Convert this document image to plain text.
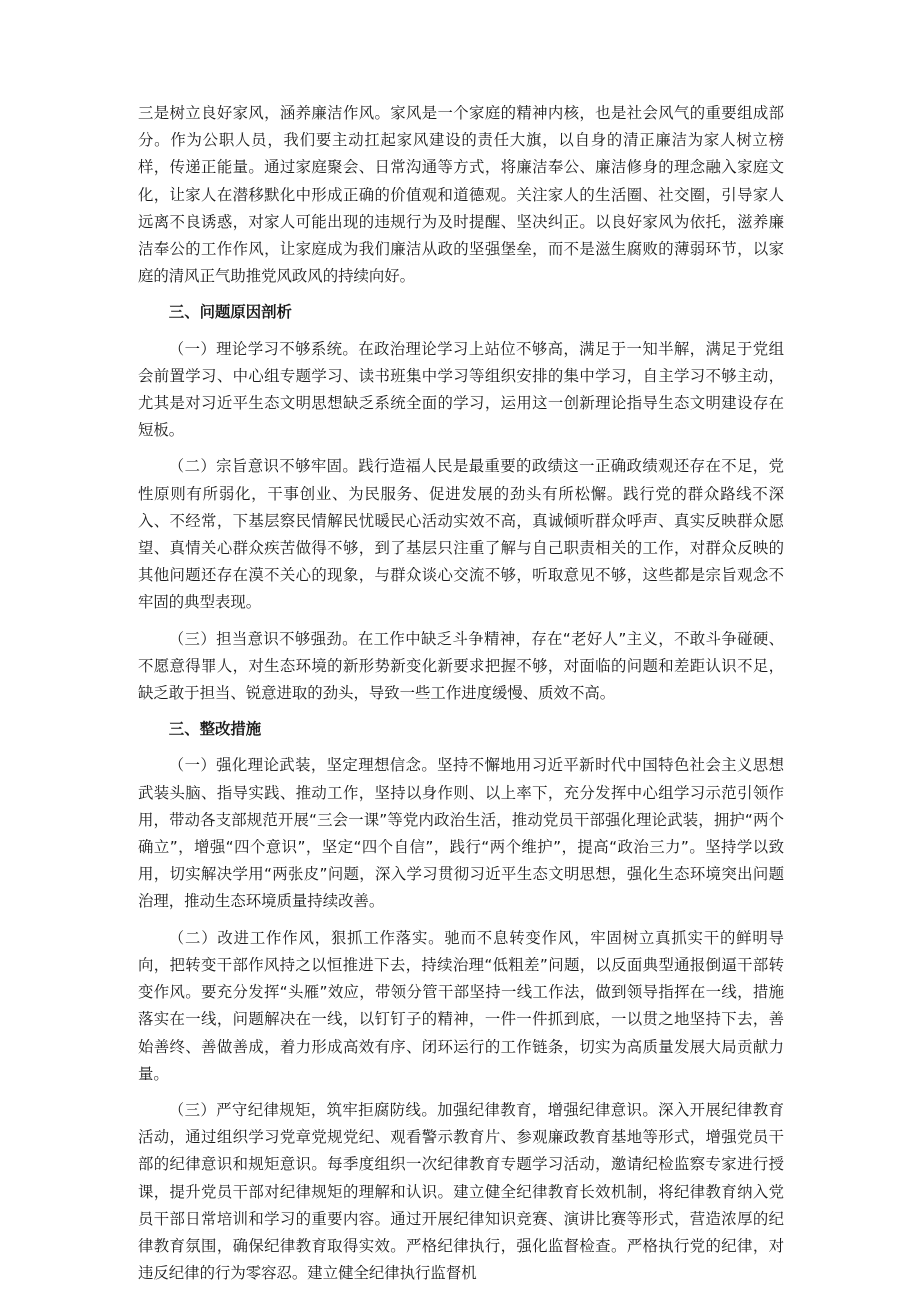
三是树立良好家风，涵养廉洁作风。家风是一个家庭的精神内核，也是社会风气的重要组成部分。作为公职人员，我们要主动扛起家风建设的责任大旗，以自身的清正廉洁为家人树立榜样，传递正能量。通过家庭聚会、日常沟通等方式，将廉洁奉公、廉洁修身的理念融入家庭文化，让家人在潜移默化中形成正确的价值观和道德观。关注家人的生活圈、社交圈，引导家人远离不良诱惑，对家人可能出现的违规行为及时提醒、坚决纠正。以良好家风为依托，滋养廉洁奉公的工作作风，让家庭成为我们廉洁从政的坚强堡垒，而不是滋生腐败的薄弱环节，以家庭的清风正气助推党风政风的持续向好。

三、问题原因剖析

（一）理论学习不够系统。在政治理论学习上站位不够高，满足于一知半解，满足于党组会前置学习、中心组专题学习、读书班集中学习等组织安排的集中学习，自主学习不够主动，尤其是对习近平生态文明思想缺乏系统全面的学习，运用这一创新理论指导生态文明建设存在短板。

（二）宗旨意识不够牢固。践行造福人民是最重要的政绩这一正确政绩观还存在不足，党性原则有所弱化，干事创业、为民服务、促进发展的劲头有所松懈。践行党的群众路线不深入、不经常，下基层察民情解民忧暖民心活动实效不高，真诚倾听群众呼声、真实反映群众愿望、真情关心群众疾苦做得不够，到了基层只注重了解与自己职责相关的工作，对群众反映的其他问题还存在漠不关心的现象，与群众谈心交流不够，听取意见不够，这些都是宗旨观念不牢固的典型表现。

（三）担当意识不够强劲。在工作中缺乏斗争精神，存在“老好人”主义，不敢斗争碰硬、不愿意得罪人，对生态环境的新形势新变化新要求把握不够，对面临的问题和差距认识不足，缺乏敢于担当、锐意进取的劲头，导致一些工作进度缓慢、质效不高。

三、整改措施

（一）强化理论武装，坚定理想信念。坚持不懈地用习近平新时代中国特色社会主义思想武装头脑、指导实践、推动工作，坚持以身作则、以上率下，充分发挥中心组学习示范引领作用，带动各支部规范开展“三会一课”等党内政治生活，推动党员干部强化理论武装，拥护“两个确立”，增强“四个意识”，坚定“四个自信”，践行“两个维护”，提高“政治三力”。坚持学以致用，切实解决学用“两张皮”问题，深入学习贯彻习近平生态文明思想，强化生态环境突出问题治理，推动生态环境质量持续改善。

（二）改进工作作风，狠抓工作落实。驰而不息转变作风，牢固树立真抓实干的鲜明导向，把转变干部作风持之以恒推进下去，持续治理“低粗差”问题，以反面典型通报倒逼干部转变作风。要充分发挥“头雁”效应，带领分管干部坚持一线工作法，做到领导指挥在一线，措施落实在一线，问题解决在一线，以钉钉子的精神，一件一件抓到底，一以贯之地坚持下去，善始善终、善做善成，着力形成高效有序、闭环运行的工作链条，切实为高质量发展大局贡献力量。

（三）严守纪律规矩，筑牢拒腐防线。加强纪律教育，增强纪律意识。深入开展纪律教育活动，通过组织学习党章党规党纪、观看警示教育片、参观廉政教育基地等形式，增强党员干部的纪律意识和规矩意识。每季度组织一次纪律教育专题学习活动，邀请纪检监察专家进行授课，提升党员干部对纪律规矩的理解和认识。建立健全纪律教育长效机制，将纪律教育纳入党员干部日常培训和学习的重要内容。通过开展纪律知识竞赛、演讲比赛等形式，营造浓厚的纪律教育氛围，确保纪律教育取得实效。严格纪律执行，强化监督检查。严格执行党的纪律，对违反纪律的行为零容忍。建立健全纪律执行监督机
